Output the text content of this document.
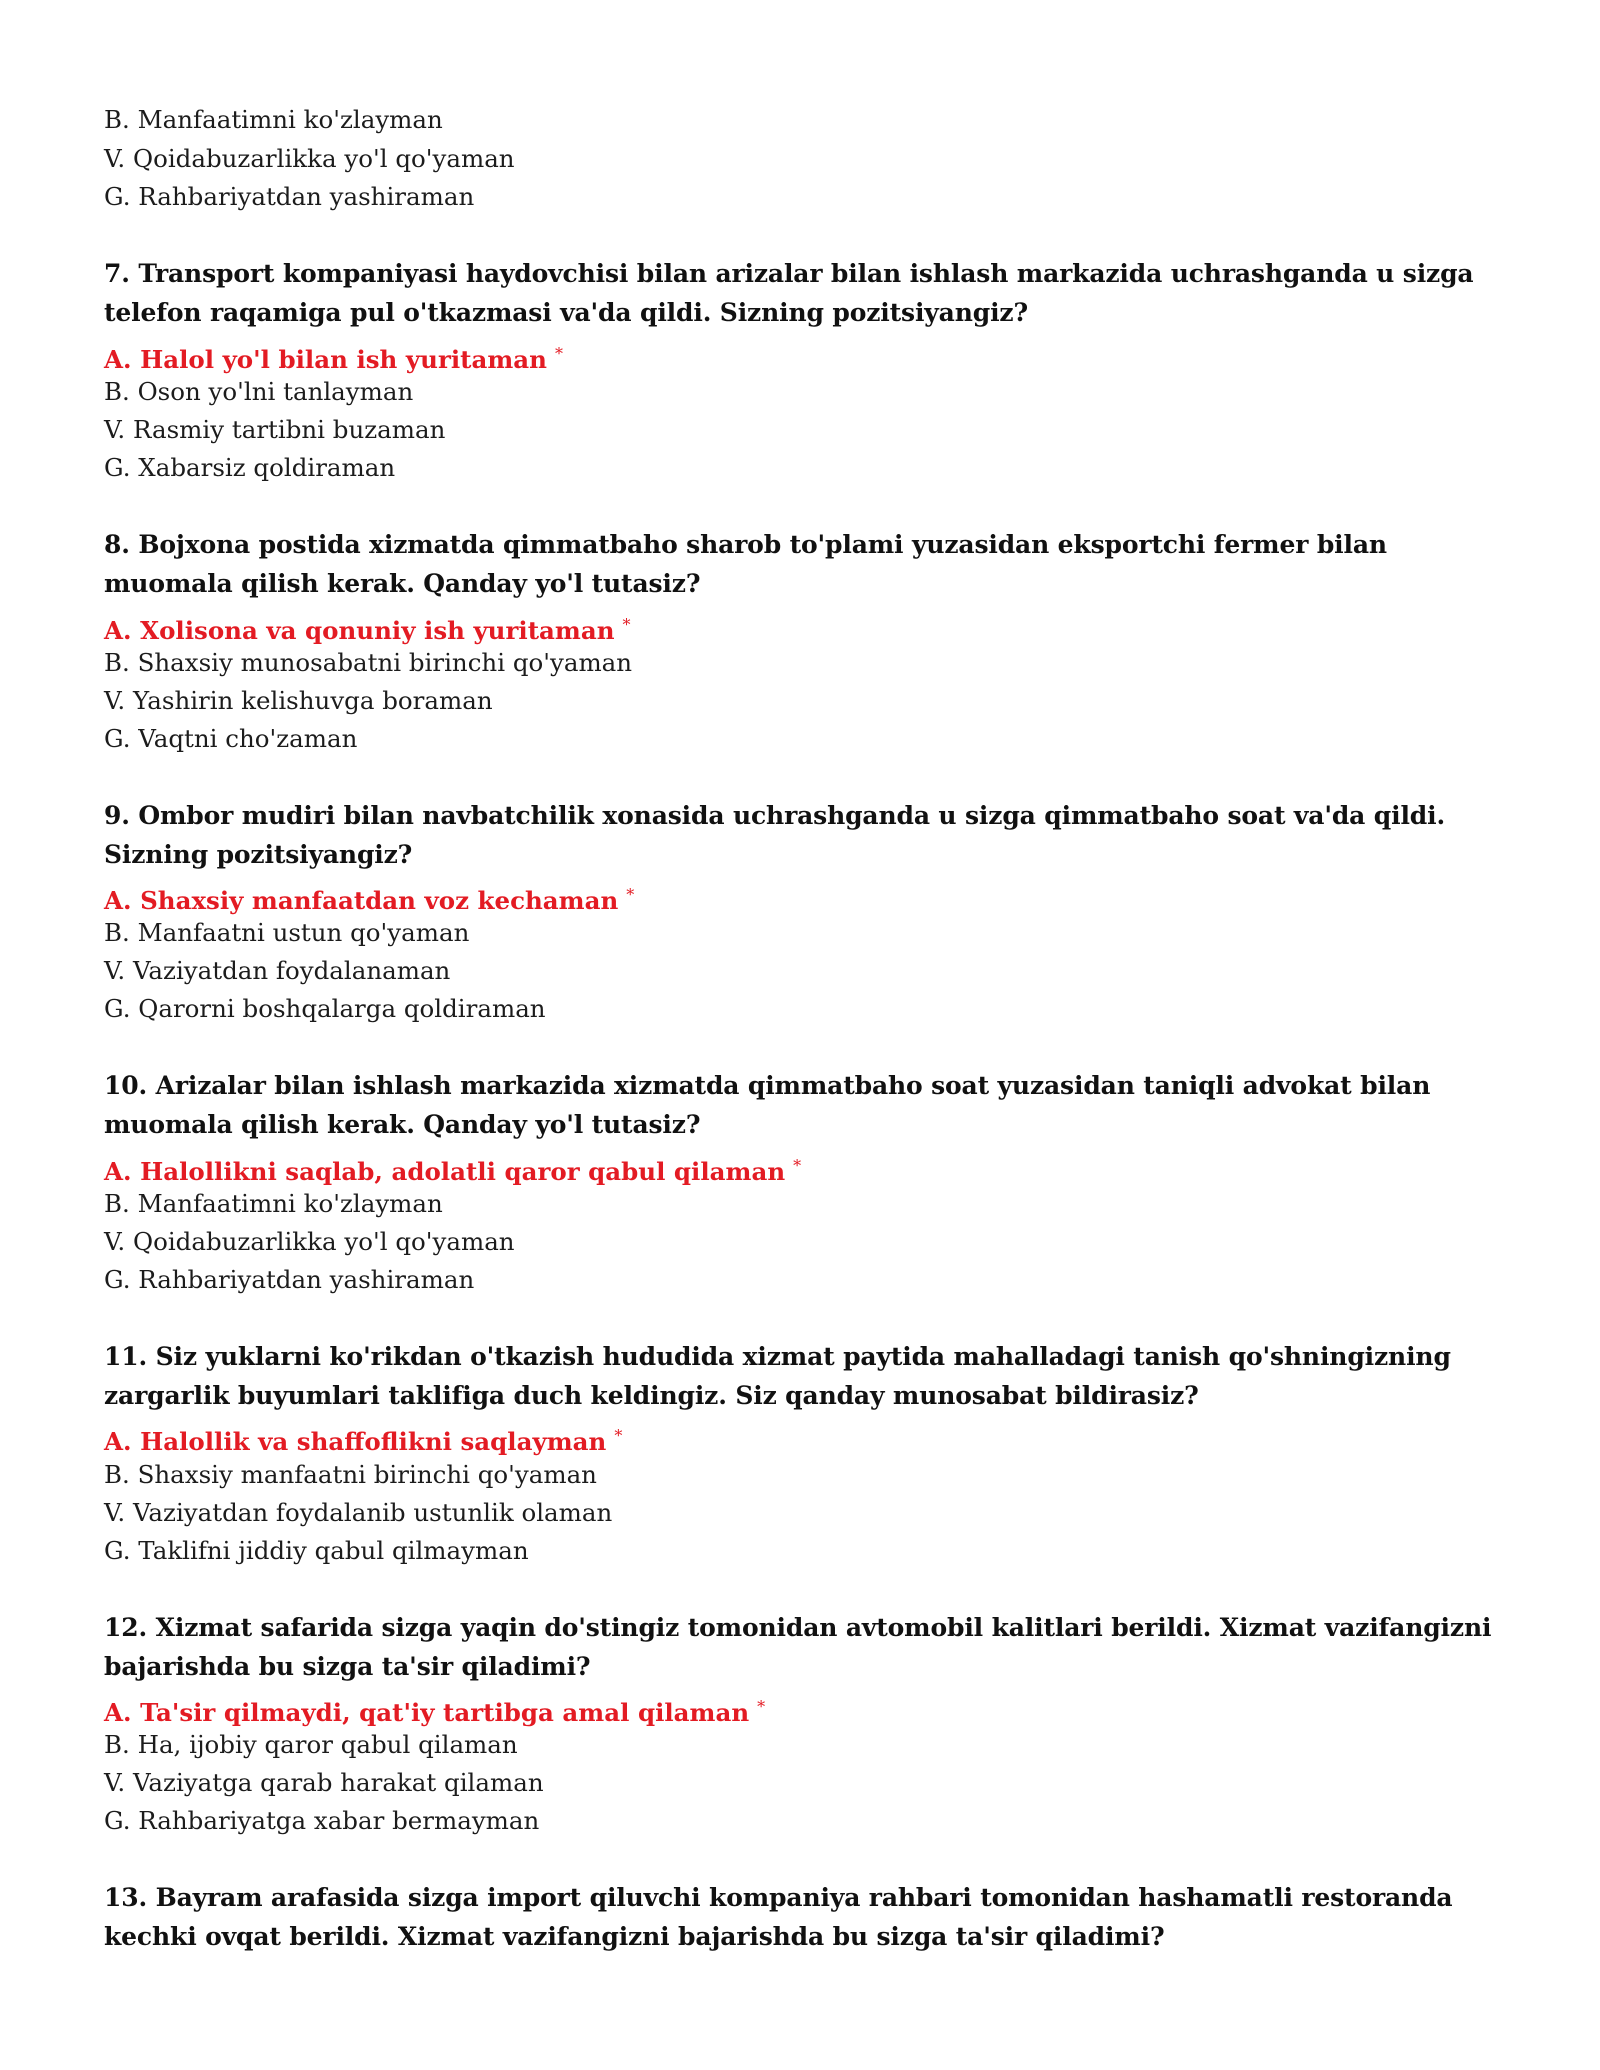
B. Manfaatimni ko'zlayman
V. Qoidabuzarlikka yo'l qo'yaman
G. Rahbariyatdan yashiraman
7. Transport kompaniyasi haydovchisi bilan arizalar bilan ishlash markazida uchrashganda u sizga telefon raqamiga pul o'tkazmasi va'da qildi. Sizning pozitsiyangiz?
A. Halol yo'l bilan ish yuritaman *
B. Oson yo'lni tanlayman
V. Rasmiy tartibni buzaman
G. Xabarsiz qoldiraman
8. Bojxona postida xizmatda qimmatbaho sharob to'plami yuzasidan eksportchi fermer bilan muomala qilish kerak. Qanday yo'l tutasiz?
A. Xolisona va qonuniy ish yuritaman *
B. Shaxsiy munosabatni birinchi qo'yaman
V. Yashirin kelishuvga boraman
G. Vaqtni cho'zaman
9. Ombor mudiri bilan navbatchilik xonasida uchrashganda u sizga qimmatbaho soat va'da qildi. Sizning pozitsiyangiz?
A. Shaxsiy manfaatdan voz kechaman *
B. Manfaatni ustun qo'yaman
V. Vaziyatdan foydalanaman
G. Qarorni boshqalarga qoldiraman
10. Arizalar bilan ishlash markazida xizmatda qimmatbaho soat yuzasidan taniqli advokat bilan muomala qilish kerak. Qanday yo'l tutasiz?
A. Halollikni saqlab, adolatli qaror qabul qilaman *
B. Manfaatimni ko'zlayman
V. Qoidabuzarlikka yo'l qo'yaman
G. Rahbariyatdan yashiraman
11. Siz yuklarni ko'rikdan o'tkazish hududida xizmat paytida mahalladagi tanish qo'shningizning zargarlik buyumlari taklifiga duch keldingiz. Siz qanday munosabat bildirasiz?
A. Halollik va shaffoflikni saqlayman *
B. Shaxsiy manfaatni birinchi qo'yaman
V. Vaziyatdan foydalanib ustunlik olaman
G. Taklifni jiddiy qabul qilmayman
12. Xizmat safarida sizga yaqin do'stingiz tomonidan avtomobil kalitlari berildi. Xizmat vazifangizni bajarishda bu sizga ta'sir qiladimi?
A. Ta'sir qilmaydi, qat'iy tartibga amal qilaman *
B. Ha, ijobiy qaror qabul qilaman
V. Vaziyatga qarab harakat qilaman
G. Rahbariyatga xabar bermayman
13. Bayram arafasida sizga import qiluvchi kompaniya rahbari tomonidan hashamatli restoranda kechki ovqat berildi. Xizmat vazifangizni bajarishda bu sizga ta'sir qiladimi?
